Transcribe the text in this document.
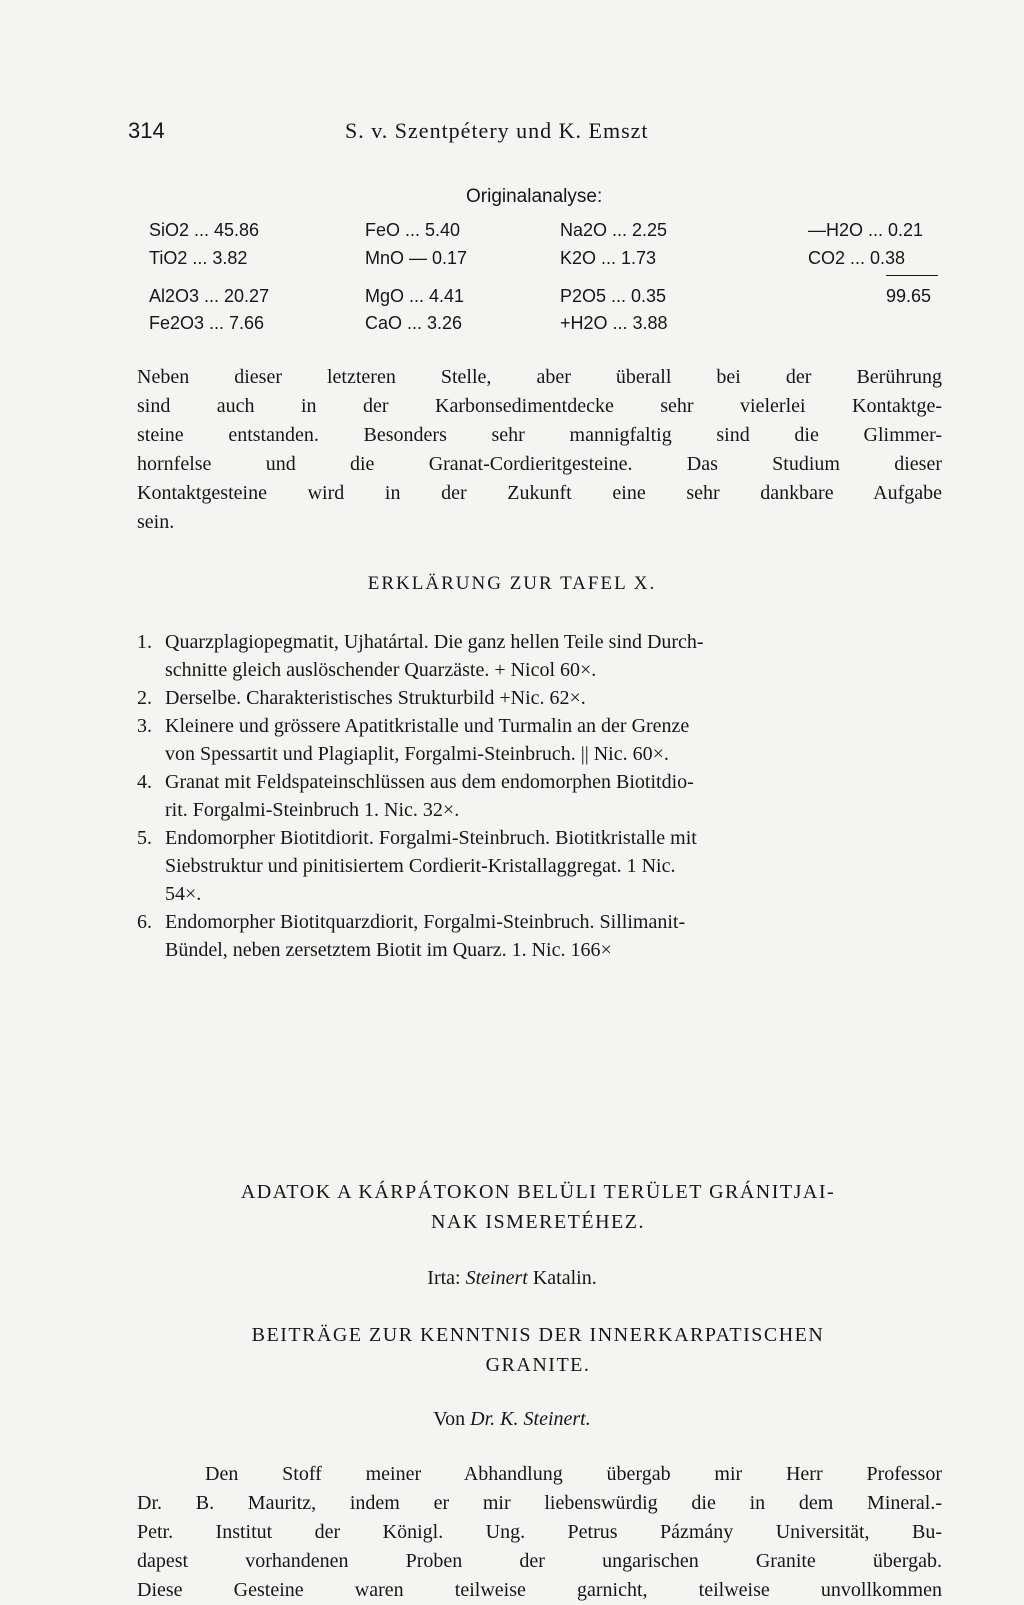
314	S. v. Szentpétery und K. Emszt
Originalanalyse:
SiO2 ... 45.86
TiO2 ... 3.82
Al2O3 ... 20.27
Fe2O3 ... 7.66
FeO ... 5.40
MnO — 0.17
MgO ... 4.41
CaO ... 3.26
Na2O ... 2.25
K2O ... 1.73
P2O5 ... 0.35
+H2O ... 3.88
—H2O ... 0.21
CO2 ... 0.38
99.65

Neben dieser letzteren Stelle, aber überall bei der Berührung
sind auch in der Karbonsedimentdecke sehr vielerlei Kontaktge-
steine entstanden. Besonders sehr mannigfaltig sind die Glimmer-
hornfelse und die Granat-Cordieritgesteine. Das Studium dieser
Kontaktgesteine wird in der Zukunft eine sehr dankbare Aufgabe
sein.

ERKLÄRUNG ZUR TAFEL X.
1. Quarzplagiopegmatit, Ujhatártal. Die ganz hellen Teile sind Durch-
schnitte gleich auslöschender Quarzäste. + Nicol 60×.
2. Derselbe. Charakteristisches Strukturbild +Nic. 62×.
3. Kleinere und grössere Apatitkristalle und Turmalin an der Grenze
von Spessartit und Plagiaplit, Forgalmi-Steinbruch. || Nic. 60×.
4. Granat mit Feldspateinschlüssen aus dem endomorphen Biotitdio-
rit. Forgalmi-Steinbruch 1. Nic. 32×.
5. Endomorpher Biotitdiorit. Forgalmi-Steinbruch. Biotitkristalle mit
Siebstruktur und pinitisiertem Cordierit-Kristallaggregat. 1 Nic.
54×.
6. Endomorpher Biotitquarzdiorit, Forgalmi-Steinbruch. Sillimanit-
Bündel, neben zersetztem Biotit im Quarz. 1. Nic. 166×
ADATOK A KÁRPÁTOKON BELÜLI TERÜLET GRÁNITJAI-
NAK ISMERETÉHEZ.
Irta: Steinert Katalin.
BEITRÄGE ZUR KENNTNIS DER INNERKARPATISCHEN
GRANITE.
Von Dr. K. Steinert.

Den Stoff meiner Abhandlung übergab mir Herr Professor
Dr. B. Mauritz, indem er mir liebenswürdig die in dem Mineral.-
Petr. Institut der Königl. Ung. Petrus Pázmány Universität, Bu-
dapest vorhandenen Proben der ungarischen Granite übergab.
Diese Gesteine waren teilweise garnicht, teilweise unvollkommen
